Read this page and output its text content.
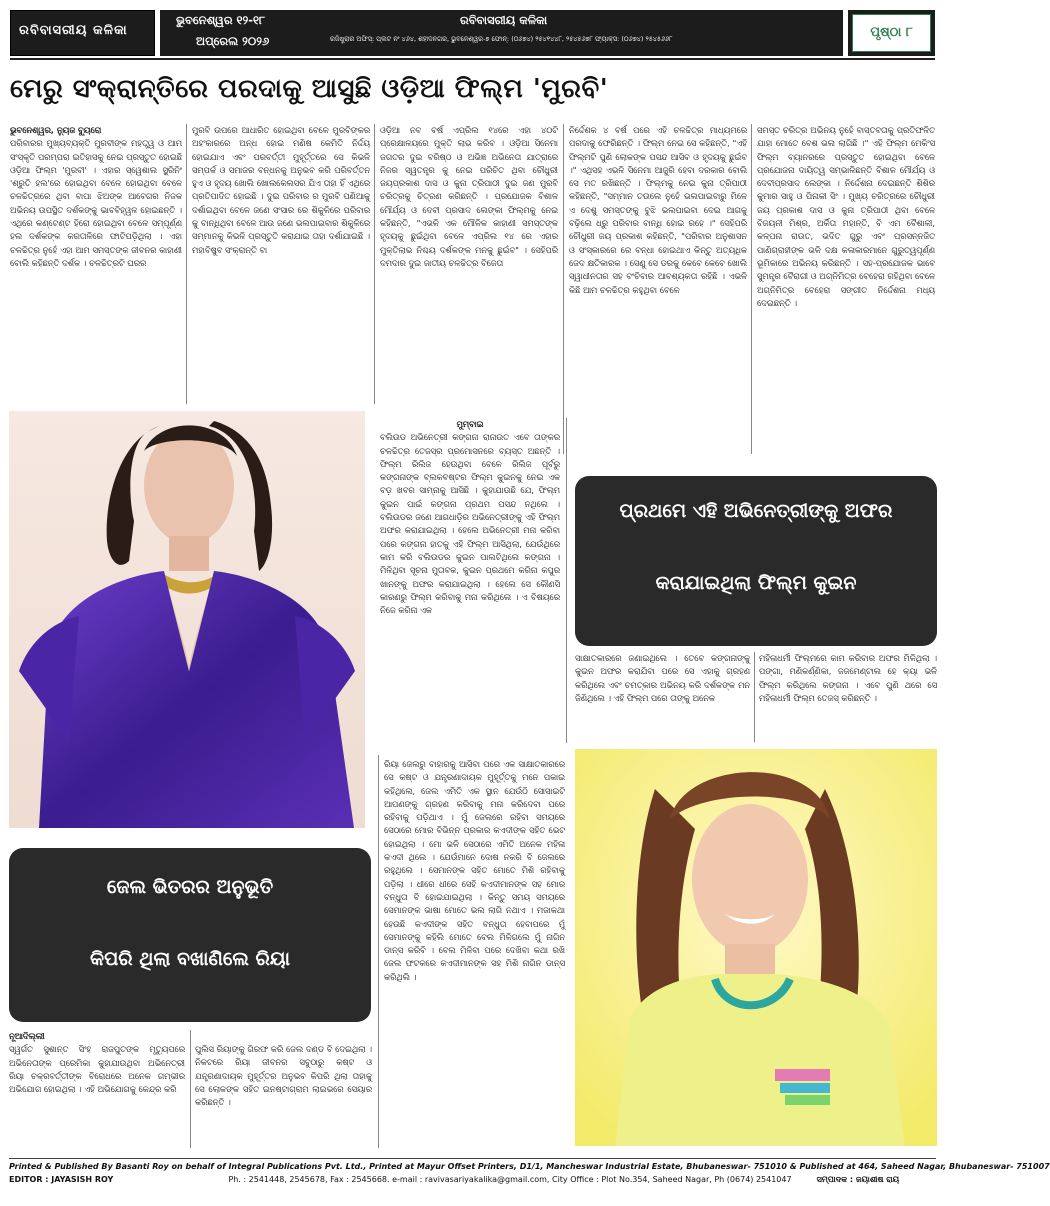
ରବିବାସରୀୟ କଳିକା
ଭୁବନେଶ୍ୱର ୧୨-୧୮
ଅପ୍ରେଲ ୨୦୨୬
ରବିବାସରୀୟ କଳିକା
ରଜିଷ୍ଟ୍ରାର ଅଫିସ୍: ପ୍ଲଟ ନଂ ୪୬୪, ଶହୀଦନଗର, ଭୁବନେଶ୍ୱର-୭ ଫୋନ୍: (୦୬୭୪) ୨୫୪୧୪୪୮, ୨୫୪୫୬୭୮ ଫ୍ୟାକ୍ସ: (୦୬୭୪) ୨୫୪୫୬୬୮	ପୃଷ୍ଠା ୮
ମେରୁ ସଂକ୍ରାନ୍ତିରେ ପରଦାକୁ ଆସୁଛି ଓଡ଼ିଆ ଫିଲ୍ମ 'ମୁରବି'
ଭୁବନେଶ୍ୱର, ନ୍ୟୁଜ ବ୍ୟୁରୋ
ପରିବାରର ମୁଖ୍ୟବ୍ୟକ୍ତି ମୁରବୀଙ୍କ ମହତ୍ତ୍ୱ ଓ ଆମ ସଂସ୍କୃତି ପରମ୍ପରା ଇତିହାସକୁ ନେଇ ପ୍ରସ୍ତୁତ ହୋଇଛି ଓଡ଼ିଆ ଫିଲ୍ମ 'ମୁରବୀ' । ଏହାର ସ୍ୱେଶାଲ ସ୍କ୍ରିନିଂ 'ଶ୍ରୁତି ହଲ'ରେ ହୋଇଥିବା ବେଳେ ହୋଇଥିବା ବେଳେ ଚଳଚ୍ଚିତ୍ରରେ ଥିବା ବାପା ଝିଅଙ୍କ ଆବେଗର ନିଜକ ଅଭିନୟ ଉପସ୍ଥିତ ଦର୍ଶକଙ୍କୁ ଭାବବିହ୍ୱଳ ହୋଇଛନ୍ତି । ଏଥିରେ କଣ୍ଟେଣ୍ଟ ହିରୋ ହୋଇଥିବା ବେଳେ ସମ୍ପୂର୍ଣ୍ଣ ହଲ ଦର୍ଶକଙ୍କ କରତାଳିରେ ଫାଟିପଡ଼ିଥିଲା । ଏହା ଚଳଚ୍ଚିତ୍ର ନୁହେଁ ଏହା ଆମ ସମସ୍ତଙ୍କ ଜୀବନର କାହାଣୀ ବୋଲି କହିଛନ୍ତି ଦର୍ଶକ । ଚଳଚ୍ଚିତ୍ରଟି ଘରର
ମୁରବି ଉପରେ ଆଧାରିତ ହୋଇଥିବା ବେଳେ ମୁରବିଙ୍କର ଅହଂକାରରେ ଅନ୍ଧ ହୋଇ ମଣିଷ କେମିତି ନିର୍ଦ୍ଦୟ ହୋଇଯାଏ ଏବଂ ପରବର୍ତ୍ତୀ ମୁହୂର୍ତ୍ତରେ ସେ କିଭଳି ସମ୍ପର୍କ ଓ ସମାଜର ବନ୍ଧନକୁ ଅନୁଭବ କରି ପରିବର୍ତ୍ତନ ହୁଏ ଓ ହୃଦୟ ଖୋଲି ଖୋଲକେଲସର ଯିଏ ତାହା ହିଁ ଏଥିରେ ପ୍ରତିପାଦିତ ହୋଇଛି । ଦୁଇ ପରିବାର ର ମୁରବି ପଣିଆକୁ ଦର୍ଶାଇଥିବା ବେଳେ ଜଣେ ସଂସାର ରେ ଶିକୁଳିରେ ପରିବାର କୁ ବାନ୍ଧିଥିବା ବେଳେ ଆଉ ଜଣେ ଭଲପାଇବାର ଶିକୁଳିରେ ସମ୍ମାନକୁ କିଭଳି ପ୍ରସ୍ତୁତି କରାଯାଇ ତାହା ଦର୍ଶାଯାଇଛି । ମହାବିଷୁବ ସଂକ୍ରାନ୍ତି ବା
ଓଡ଼ିଆ ନବ ବର୍ଷ ଏପ୍ରିଲ ୧୪ରେ ଏହା ୪୦ଟି ପ୍ରେକ୍ଷାଳୟରେ ମୁକ୍ତି ଲାଭ କରିବ । ଓଡ଼ିଆ ସିନେମା ଜଗତର ଦୁଇ ବରିଷ୍ଠ ଓ ଅଭିଜ୍ଞ ଅଭିନେତା ଯାତ୍ରାରେ ନିଜର ସ୍ୱତନ୍ତ୍ର କୁ ନେଇ ପରିଚିତ ଥିବା ଚୌଧୁରୀ ଜୟପ୍ରକାଶ ଦାସ ଓ କୁନା ତ୍ରିପାଠୀ ଦୁଇ ଜଣ ମୁରବି ଚରିତ୍ରକୁ ଚିତ୍ରଣ କରିଛନ୍ତି । ପ୍ରଯୋଜକ ବିଶାଳ ମୌର୍ଯ୍ୟ ଓ ଦେବୀ ପ୍ରସାଦ ଲେଙ୍କା ଫିଲ୍ମକୁ ନେଇ କହିଛନ୍ତି, "ଏଭଳି ଏକ ମୌଳିକ କାହାଣୀ ସମସ୍ତଙ୍କ ହୃଦୟକୁ ଛୁଇଁଥିବା ବେଳେ ଏପ୍ରିଲ ୧୪ ରେ ଏହାର ମୁକ୍ତିଲାଭ ନିଶ୍ଚୟ ଦର୍ଶକଙ୍କ ମନକୁ ଛୁଇଁବ" । ସେହିପରି ଦମଦାର ଦୁଇ ଜାତୀୟ ଚଳଚ୍ଚିତ୍ର ବିଜେତା
ନିର୍ଦ୍ଦେଶକ ୪ ବର୍ଷ ପରେ ଏହି ଚଳଚ୍ଚିତ୍ର ମାଧ୍ୟମରେ ପରଦାକୁ ଫେରିଛନ୍ତି । ଫିଲ୍ମ ନେଇ ସେ କହିଛନ୍ତି, "ଏହି ଫିଲ୍ମଟି ପୁଣି ଲୋକଙ୍କ ପସନ୍ଦ ଆସିବ ଓ ହୃଦୟକୁ ଛୁଇଁବ ।" ଏଥିସହ ଏଭଳି ସିନେମା ଆଜୁରି ହେବା ଦରକାର ବୋଲି ସେ ମତ ରଖିଛନ୍ତି । ଫିଲ୍ମକୁ ନେଇ କୁନା ତ୍ରିପାଠୀ କହିଛନ୍ତି, "ସମ୍ମାନ ତଉଲେ ନୁହେଁ ଭଲପାଇବାରୁ ମିଳେ ଏ ଦେଶୁ ସମସ୍ତଙ୍କୁ ବୁଝି ଭଲପାଇବା ଦେଇ ଆଗକୁ ବଢ଼ିଲେ ଧ୍ରୁ ପରିବାର ବାନ୍ଧି ହୋଇ ରହେ ।" ସେହିପରି ଚୌଧୁରୀ ଜୟ ପ୍ରକାଶ କହିଛନ୍ତି, "ପରିବାର ଅନୁଶାସନ ଓ ସଂସ୍କାରରେ ରେ ବନ୍ଧା ହୋଇଥାଏ କିନ୍ତୁ ଅତ୍ୟଧିକ ଜେଦ କ୍ଷତିକାରକ । ସେଣୁ ସେ ଡରକୁ କେବେ କେବେ ଖୋଲି ସ୍ୱାଧୀନତାର ସହ ବଂଚିବାର ଆବଶ୍ୟକତା ରହିଛି । ଏଭଳି କିଛି ଆମ ଚଳଚ୍ଚିତ୍ର କହୁଥିବା ବେଳେ
ସମସ୍ତ ଚରିତ୍ର ଅଭିନୟ ନୁହେଁ ବାସ୍ତବତାକୁ ପ୍ରତିଫଳିତ ଯାହା ମୋତେ ବେଶ ଭଲ ଲାଗିଛି ।" ଏହି ଫିଲ୍ମ ମେକିଂସ ଫିଲ୍ମ ବ୍ୟାନରରେ ପ୍ରସ୍ତୁତ ହୋଇଥିବା ବେଳେ ପ୍ରଯୋଜନା ଦାୟିତ୍ୱ ସମ୍ଭାଳିଛନ୍ତି ବିଶାଳ ମୌର୍ଯ୍ୟ ଓ ଦେବୀପ୍ରସାଦ ଲେଙ୍କା । ନିର୍ଦ୍ଦେଶନା ଦେଇଛନ୍ତି ଶିଶିର କୁମାର ସାହୁ ଓ ପିନାକୀ ସିଂ । ମୁଖ୍ୟ ଚରିତ୍ରରେ ଚୌଧୁରୀ ଜୟ ପ୍ରକାଶ ଦାସ ଓ କୁନା ତ୍ରିପାଠୀ ଥିବା ବେଳେ ବିଜୟନୀ ମିଶ୍ର, ଅର୍କିତା ମହାନ୍ତି, ବି ଏମ ବୈଶାଳୀ, କଳ୍ପନା ରାଉତ, ଭଦିତ ଗୁରୁ ଏବଂ ପ୍ରସନ୍ନଜିତ ପାଣିଗ୍ରାହୀଙ୍କ ଭଳି ଦକ୍ଷ କଳାକାରମାନେ ଗୁରୁତ୍ୱପୂର୍ଣ୍ଣ ଭୂମିକାରେ ଅଭିନୟ କରିଛନ୍ତି । ସହ-ପ୍ରଯୋଜକ ଭାବେ ସୁମନ୍ତ୍ର ବୈରାଗୀ ଓ ଅଗ୍ନିମିତ୍ର ବେହେରା ରହିଥିବା ବେଳେ ଅଗ୍ନିମିତ୍ର ବେହେରା ସଙ୍ଗୀତ ନିର୍ଦ୍ଦେଶନା ମଧ୍ୟ ଦେଇଛନ୍ତି ।
ମୁମ୍ବାଇ
ବଲିଉଡ ଅଭିନେତ୍ରୀ କଙ୍ଗନା ରାନାଉତ ଏବେ ତାଙ୍କର ଚଳଚ୍ଚିତ୍ର ତେଜସ୍ର ପ୍ରମୋସନରେ ବ୍ୟସ୍ତ ଅଛନ୍ତି । ଫିଲ୍ମ ରିଲିଜ ହେଉଥିବା ବେଳେ ରିଲିଜ ପୂର୍ବରୁ କଙ୍ଗନାଙ୍କ ବ୍ଲକବଷ୍ଟର ଫିଲ୍ମ କୁଇନକୁ ନେଇ ଏକ ବଡ଼ ଖବର ସାମ୍ନାକୁ ଆସିଛି । କୁହାଯାଉଛି ଯେ, ଫିଲ୍ମ କୁଇନ ପାଇଁ କଙ୍ଗନା ପ୍ରଥମ ପସନ୍ଦ ନଥିଲେ । ବଲିଉଡର ଜଣେ ଆଗଧାଡ଼ିର ଅଭିନେତ୍ରୀଙ୍କୁ ଏହି ଫିଲ୍ମ ଅଫର କରାଯାଇଥିଲା । ହେଲେ ଅଭିନେତ୍ରୀ ମନା କରିବା ପରେ କଙ୍ଗନା ହାତକୁ ଏହି ଫିଲ୍ମ ଆସିଥିଲା, ଯେଉଁଥିରେ କାମ କରି ବଲିଉଡର କୁଇନ ପାଲଟିଥିଲେ କଙ୍ଗନା । ମିଳିଥିବା ସୂଚନା ମୁତାବକ, କୁଇନ ପ୍ରଥମେ କରିନା କପୁର ଖାନଙ୍କୁ ଅଫର କରାଯାଇଥିଲା । ହେଲେ ସେ କୌଣସି କାରଣରୁ ଫିଲ୍ମ କରିବାକୁ ମନା କରିଥିଲେ । ଏ ବିଷୟରେ ନିଜେ କରିନା ଏକ
ପ୍ରଥମେ ଏହି ଅଭିନେତ୍ରୀଙ୍କୁ ଅଫର
କରାଯାଇଥିଲା ଫିଲ୍ମ କୁଇନ
ସାକ୍ଷାତକାରରେ ଜଣାଇଥିଲେ । ତେବେ କଙ୍ଗନାଙ୍କୁ କୁଇନ ଅଫର କରାଯିବା ପରେ ସେ ଏହାକୁ ଗ୍ରହଣ କରିଥିଲେ ଏବଂ ଚମତ୍କାର ଅଭିନୟ କରି ଦର୍ଶକଙ୍କ ମନ ଜିଣିଥିଲେ । ଏହି ଫିଲ୍ମ ପରେ ତାଙ୍କୁ ଅନେକ
ମହିଳାଧର୍ମୀ ଫିଲ୍ମରେ କାମ କରିବାର ଅଫର ମିଳିଥିଲା । ପଙ୍ଗା, ମଣିକର୍ଣ୍ଣିକା, ଜଜମେଣ୍ଟାଲ ହେ କ୍ୟା ଭଳି ଫିଲ୍ମ କରିଥିଲେ କଙ୍ଗନା । ଏବେ ପୁଣି ଥରେ ସେ ମହିଳାଧର୍ମୀ ଫିଲ୍ମ ତେଜସ୍ କରିଛନ୍ତି ।
ଜେଲ ଭିତରର ଅନୁଭୂତି
କିପରି ଥିଲା ବଖାଣିଲେ ରିୟା
ନୂଆଦିଲ୍ଲୀ
ସ୍ୱର୍ଗତ ସୁଶାନ୍ତ ସିଂହ ରାଜପୁତଙ୍କ ମୃତ୍ୟୁପରେ ଅଭିନେତାଙ୍କ ପ୍ରେମିକା କୁହାଯାଉଥିବା ଅଭିନେତ୍ରୀ ରିୟା ଚକ୍ରବର୍ତ୍ତୀଙ୍କ ବିରୋଧରେ ଅନେକ ଗମ୍ଭୀର ଅଭିଯୋଗ ହୋଇଥିଲା । ଏହି ଅଭିଯୋଗକୁ କେନ୍ଦ୍ର କରି
ପୁଲିସ ରିୟାଙ୍କୁ ଗିରଫ କରି ଜେଲ ଦଣ୍ଡ ବି ଦେଇଥିଲା । ନିକଟରେ ରିୟା ଜୀବନର ସବୁଠାରୁ କଷ୍ଟ ଓ ଯନ୍ତ୍ରଣାଦାୟକ ମୁହୂର୍ତ୍ତର ଅନୁଭବ କିପରି ଥିଲା ତାହାକୁ ସେ ଲୋକଙ୍କ ସହିତ ଇନଷ୍ଟାଗ୍ରାମ ଲାଇଭରେ ସେୟାର କରିଛନ୍ତି ।
ରିୟା ଜେଲରୁ ବାହାରକୁ ଆସିବା ପରେ ଏକ ସାକ୍ଷାତକାରରେ ସେ କଷ୍ଟ ଓ ଯନ୍ତ୍ରଣାଦାୟକ ମୁହୂର୍ତ୍ତକୁ ମନେ ପକାଇ କହିଥିଲେ, ଜେଲ ଏମିତି ଏକ ସ୍ଥାନ ଯେଉଁଠି ସୋସାଇଟି ଆପଣଙ୍କୁ ଗ୍ରହଣ କରିବାକୁ ମନା କରିଦେବା ପରେ ରହିବାକୁ ପଡ଼ିଥାଏ । ମୁଁ ଜେଲରେ ରହିବା ସମୟରେ ସେଠାରେ ମୋର ବିଭିନ୍ନ ପ୍ରକାର କଏଦୀଙ୍କ ସହିତ ଭେଟ ହୋଇଥିଲା । ମୋ ଭଳି ସେଠାରେ ଏମିତି ଅନେକ ମହିଳା କଏଦୀ ଥିଲେ । ଯେଉଁମାନେ ଦୋଷ ନକରି ବି ଜେଲରେ ରହୁଥିଲେ । ସେମାନଙ୍କ ସହିତ ମୋତେ ମିଶି ରହିବାକୁ ପଡ଼ିଲା । ଧୀରେ ଧୀରେ ସେହି କଏଦୀମାନଙ୍କ ସହ ମୋର ବନ୍ଧୁତା ବି ହୋଇଯାଇଥିଲା । କିନ୍ତୁ ସମୟ ସମୟରେ ସେମାନଙ୍କ ଭାଷା ମୋତେ ଭଲ ଲାଗି ନଥାଏ । ମଜାକଥା ହେଉଛି କଏଦୀଙ୍କ ସହିତ ବନ୍ଧୁତା ହେବାପରେ ମୁଁ ସେମାନଙ୍କୁ କହିଲି ମୋତେ ବେଲ ମିଳିଗଲେ ମୁଁ ନାଗିନ ଡାନ୍ସ କରିବି । ବେଲ ମିଳିବା ପରେ ଦେଖିବା କଥା ରଖି ଜେଲ ଫଟକରେ କଏଦୀମାନଙ୍କ ସହ ମିଶି ନାଗିନ ଡାନ୍ସ କରିଥିଲି ।
Printed & Published By Basanti Roy on behalf of Integral Publications Pvt. Ltd., Printed at Mayur Offset Printers, D1/1, Mancheswar Industrial Estate, Bhubaneswar- 751010 & Published at 464, Saheed Nagar, Bhubaneswar- 751007
EDITOR : JAYASISH ROY	Ph. : 2541448, 2545678, Fax : 2545668. e-mail : ravivasariyakalika@gmail.com, City Office : Plot No.354, Saheed Nagar, Ph (0674) 2541047	ସମ୍ପାଦକ : ଜୟାଶୀଷ ରାୟ
